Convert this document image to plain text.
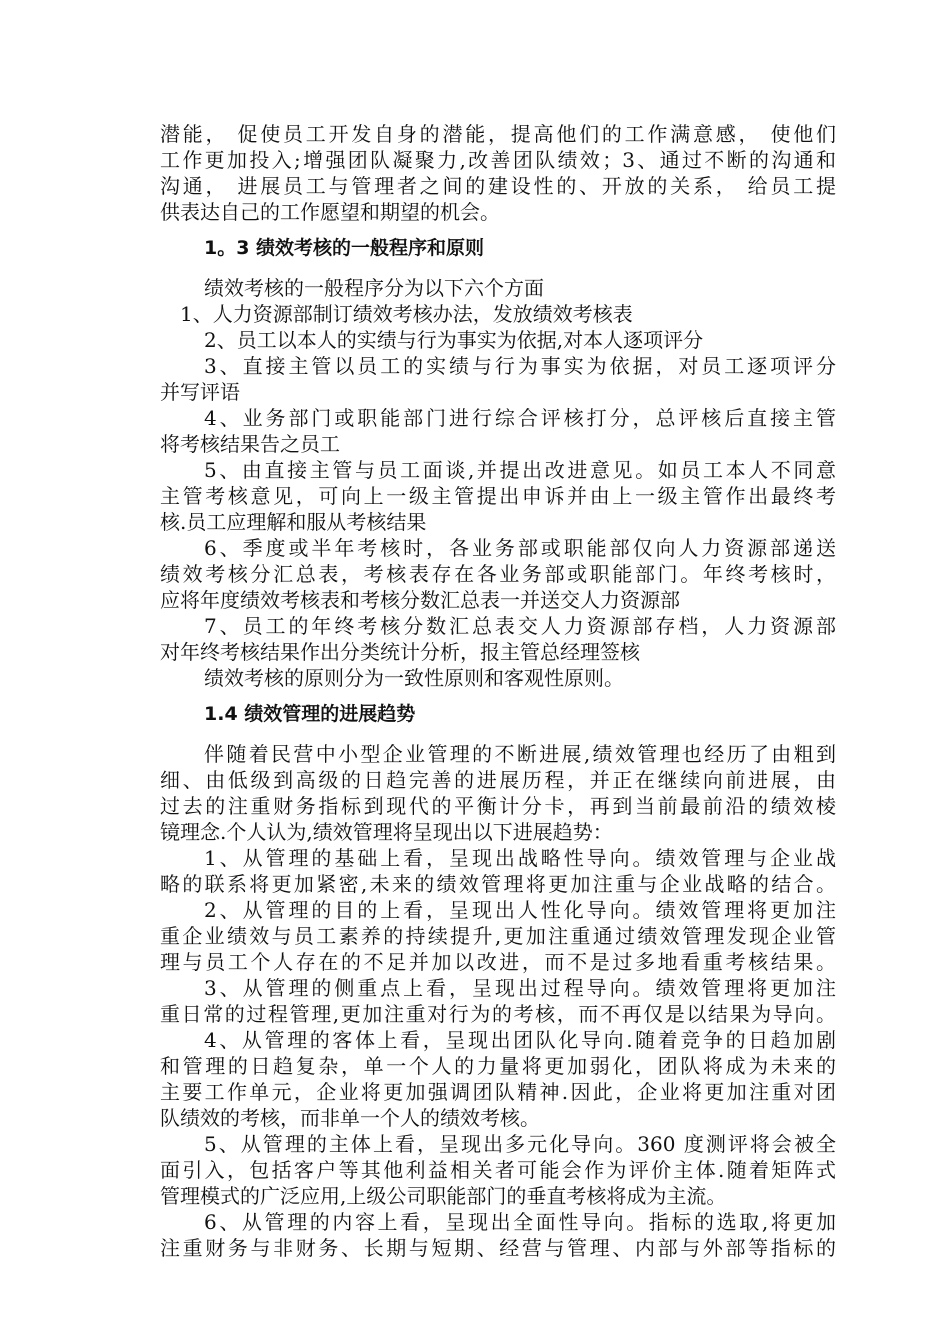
潜能， 促使员工开发自身的潜能，提高他们的工作满意感， 使他们
工作更加投入;增强团队凝聚力,改善团队绩效；3、通过不断的沟通和
沟通， 进展员工与管理者之间的建设性的、开放的关系， 给员工提
供表达自己的工作愿望和期望的机会。
1。3 绩效考核的一般程序和原则
绩效考核的一般程序分为以下六个方面
1、人力资源部制订绩效考核办法，发放绩效考核表
2、员工以本人的实绩与行为事实为依据,对本人逐项评分
3、直接主管以员工的实绩与行为事实为依据，对员工逐项评分
并写评语
4、业务部门或职能部门进行综合评核打分，总评核后直接主管
将考核结果告之员工
5、由直接主管与员工面谈,并提出改进意见。如员工本人不同意
主管考核意见，可向上一级主管提出申诉并由上一级主管作出最终考
核.员工应理解和服从考核结果
6、季度或半年考核时，各业务部或职能部仅向人力资源部递送
绩效考核分汇总表，考核表存在各业务部或职能部门。年终考核时，
应将年度绩效考核表和考核分数汇总表一并送交人力资源部
7、员工的年终考核分数汇总表交人力资源部存档，人力资源部
对年终考核结果作出分类统计分析，报主管总经理签核
绩效考核的原则分为一致性原则和客观性原则。
1.4 绩效管理的进展趋势
伴随着民营中小型企业管理的不断进展,绩效管理也经历了由粗到
细、由低级到高级的日趋完善的进展历程，并正在继续向前进展，由
过去的注重财务指标到现代的平衡计分卡，再到当前最前沿的绩效棱
镜理念.个人认为,绩效管理将呈现出以下进展趋势：
1、从管理的基础上看，呈现出战略性导向。绩效管理与企业战
略的联系将更加紧密,未来的绩效管理将更加注重与企业战略的结合。
2、从管理的目的上看，呈现出人性化导向。绩效管理将更加注
重企业绩效与员工素养的持续提升,更加注重通过绩效管理发现企业管
理与员工个人存在的不足并加以改进，而不是过多地看重考核结果。
3、从管理的侧重点上看，呈现出过程导向。绩效管理将更加注
重日常的过程管理,更加注重对行为的考核，而不再仅是以结果为导向。
4、从管理的客体上看，呈现出团队化导向.随着竞争的日趋加剧
和管理的日趋复杂，单一个人的力量将更加弱化，团队将成为未来的
主要工作单元，企业将更加强调团队精神.因此，企业将更加注重对团
队绩效的考核，而非单一个人的绩效考核。
5、从管理的主体上看，呈现出多元化导向。360 度测评将会被全
面引入，包括客户等其他利益相关者可能会作为评价主体.随着矩阵式
管理模式的广泛应用,上级公司职能部门的垂直考核将成为主流。
6、从管理的内容上看，呈现出全面性导向。指标的选取,将更加
注重财务与非财务、长期与短期、经营与管理、内部与外部等指标的
